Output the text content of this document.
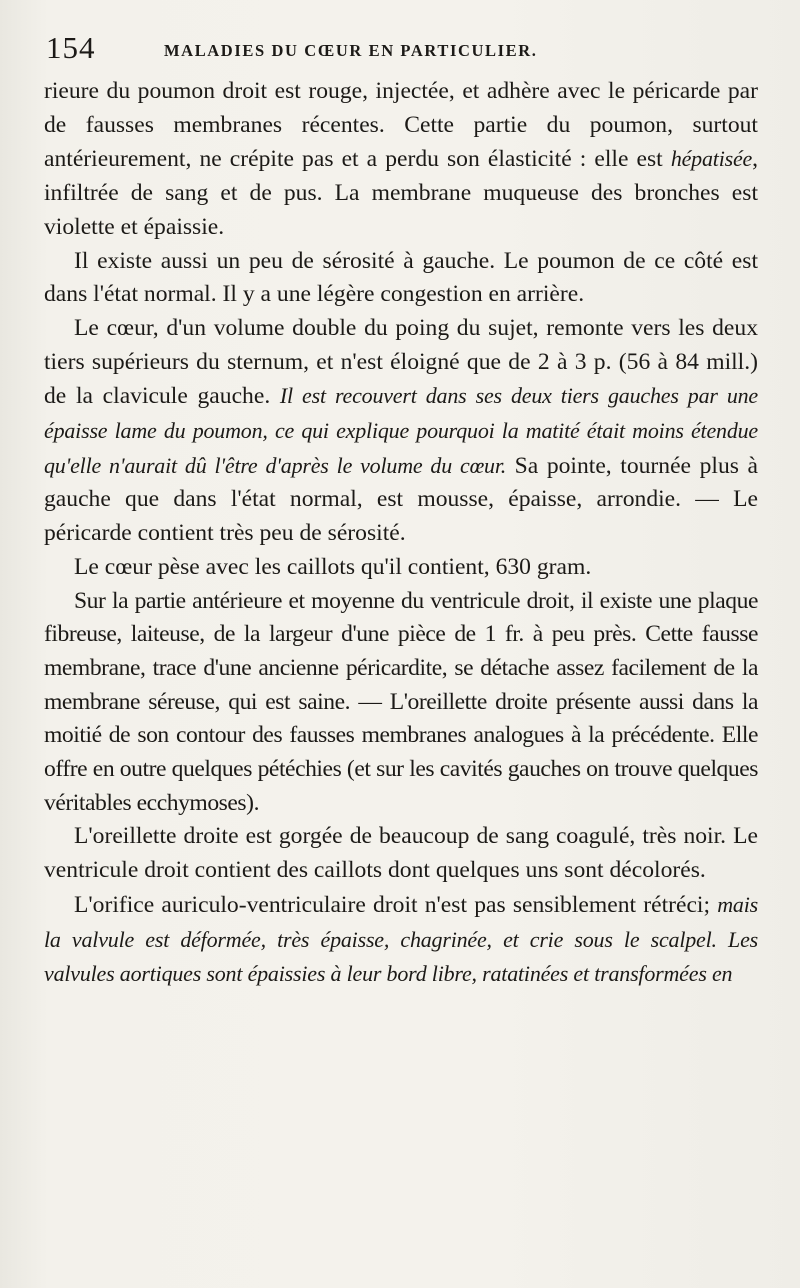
154	MALADIES DU CŒUR EN PARTICULIER.

rieure du poumon droit est rouge, injectée, et adhère avec le péricarde par de fausses membranes récentes. Cette partie du poumon, surtout antérieurement, ne crépite pas et a perdu son élasticité : elle est hépatisée, infiltrée de sang et de pus. La membrane muqueuse des bronches est violette et épaissie.

Il existe aussi un peu de sérosité à gauche. Le poumon de ce côté est dans l'état normal. Il y a une légère congestion en arrière.

Le cœur, d'un volume double du poing du sujet, remonte vers les deux tiers supérieurs du sternum, et n'est éloigné que de 2 à 3 p. (56 à 84 mill.) de la clavicule gauche. Il est recouvert dans ses deux tiers gauches par une épaisse lame du poumon, ce qui explique pourquoi la matité était moins étendue qu'elle n'aurait dû l'être d'après le volume du cœur. Sa pointe, tournée plus à gauche que dans l'état normal, est mousse, épaisse, arrondie. — Le péricarde contient très peu de sérosité.

Le cœur pèse avec les caillots qu'il contient, 630 gram.

Sur la partie antérieure et moyenne du ventricule droit, il existe une plaque fibreuse, laiteuse, de la largeur d'une pièce de 1 fr. à peu près. Cette fausse membrane, trace d'une ancienne péricardite, se détache assez facilement de la membrane séreuse, qui est saine. — L'oreillette droite présente aussi dans la moitié de son contour des fausses membranes analogues à la précédente. Elle offre en outre quelques pétéchies (et sur les cavités gauches on trouve quelques véritables ecchymoses).

L'oreillette droite est gorgée de beaucoup de sang coagulé, très noir. Le ventricule droit contient des caillots dont quelques uns sont décolorés.

L'orifice auriculo-ventriculaire droit n'est pas sensiblement rétréci; mais la valvule est déformée, très épaisse, chagrinée, et crie sous le scalpel. Les valvules aortiques sont épaissies à leur bord libre, ratatinées et transformées en
